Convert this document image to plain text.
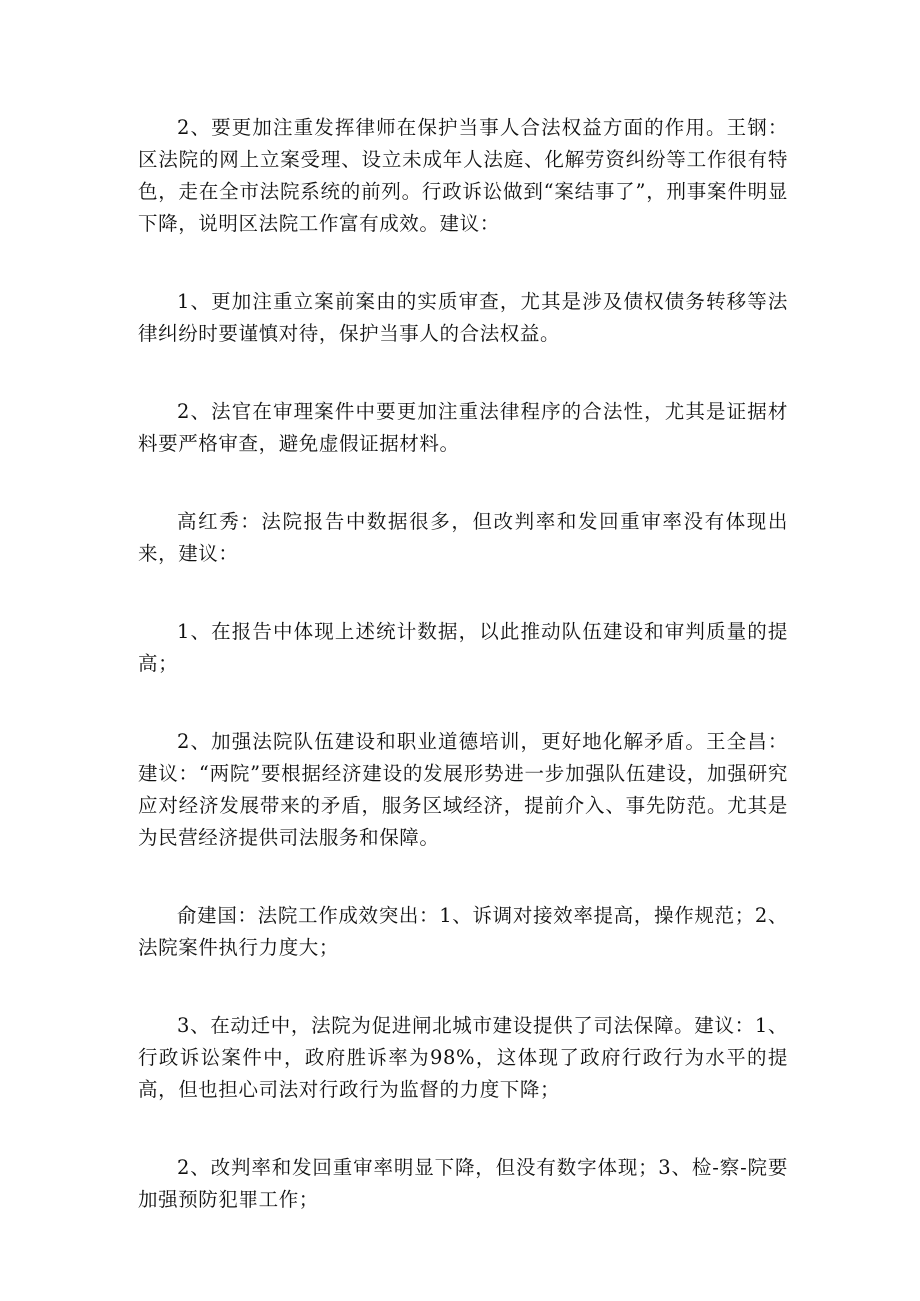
2、要更加注重发挥律师在保护当事人合法权益方面的作用。王钢：区法院的网上立案受理、设立未成年人法庭、化解劳资纠纷等工作很有特色，走在全市法院系统的前列。行政诉讼做到“案结事了”，刑事案件明显下降，说明区法院工作富有成效。建议：

1、更加注重立案前案由的实质审查，尤其是涉及债权债务转移等法律纠纷时要谨慎对待，保护当事人的合法权益。

2、法官在审理案件中要更加注重法律程序的合法性，尤其是证据材料要严格审查，避免虚假证据材料。

高红秀：法院报告中数据很多，但改判率和发回重审率没有体现出来，建议：

1、在报告中体现上述统计数据，以此推动队伍建设和审判质量的提高；

2、加强法院队伍建设和职业道德培训，更好地化解矛盾。王全昌：建议：“两院”要根据经济建设的发展形势进一步加强队伍建设，加强研究应对经济发展带来的矛盾，服务区域经济，提前介入、事先防范。尤其是为民营经济提供司法服务和保障。

俞建国：法院工作成效突出：1、诉调对接效率提高，操作规范；2、法院案件执行力度大；

3、在动迁中，法院为促进闸北城市建设提供了司法保障。建议：1、行政诉讼案件中，政府胜诉率为98%，这体现了政府行政行为水平的提高，但也担心司法对行政行为监督的力度下降；

2、改判率和发回重审率明显下降，但没有数字体现；3、检-察-院要加强预防犯罪工作；
